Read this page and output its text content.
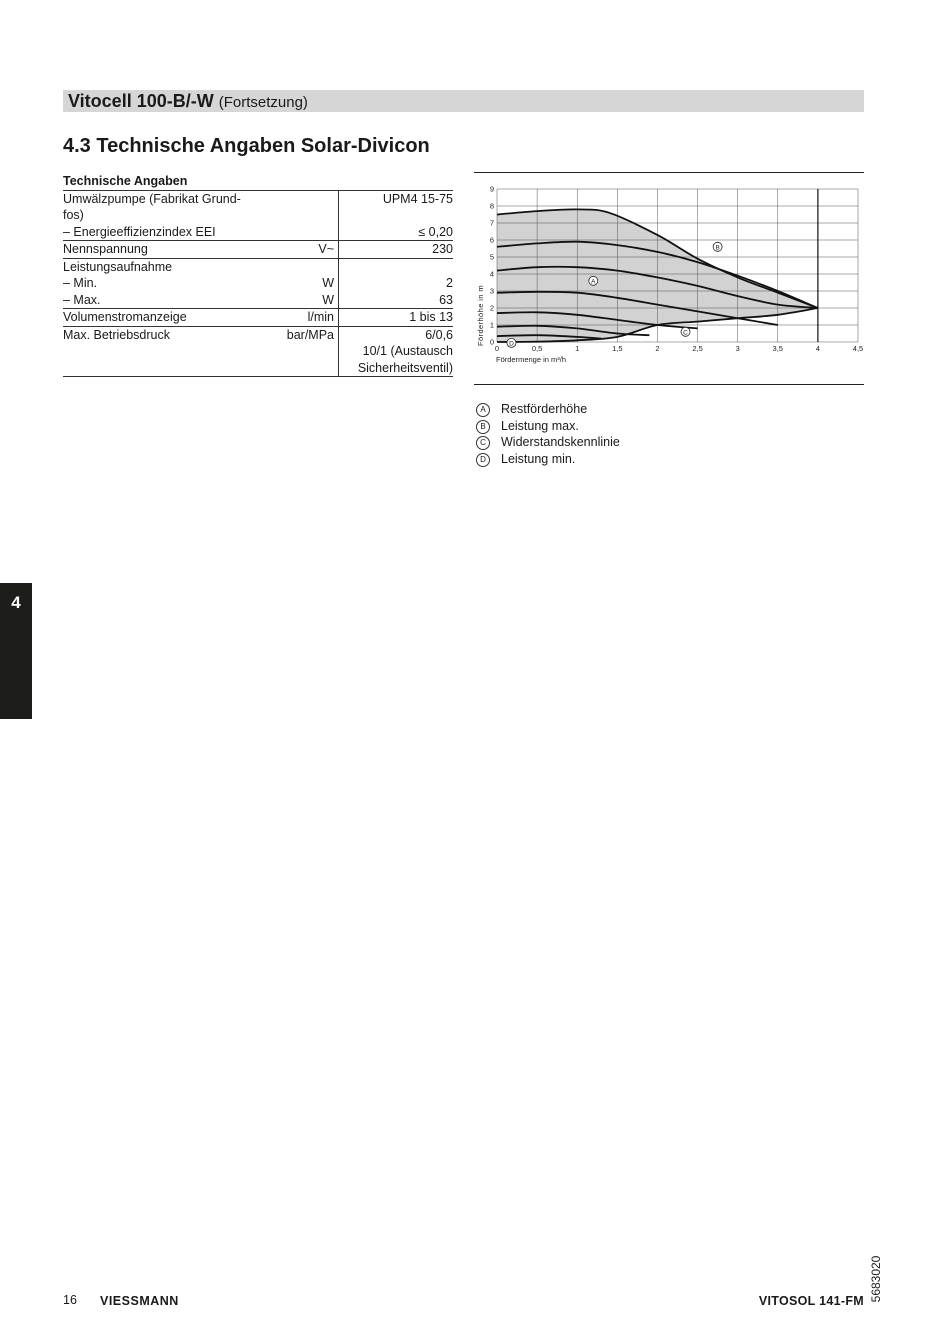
Vitocell 100-B/-W (Fortsetzung)
4.3 Technische Angaben Solar-Divicon
Technische Angaben		
Umwälzpumpe (Fabrikat Grund-		UPM4 15-75
fos)		
– Energieeffizienzindex EEI		≤ 0,20
Nennspannung	V~	230
Leistungsaufnahme		
– Min.	W	2
– Max.	W	63
Volumenstromanzeige	l/min	1 bis 13
Max. Betriebsdruck	bar/MPa	6/0,6
		10/1 (Austausch
		Sicherheitsventil)
0	0,5	1	1,5	2	2,5	3	3,5	4	4,5
0
1
2
3
4
5
6
7
8
9
A
B
C
D
Förderhöhe in m
Fördermenge in m³/h
A	Restförderhöhe
B	Leistung max.
C	Widerstandskennlinie
D	Leistung min.
4
5683020
16 VIESSMANN	VITOSOL 141-FM
